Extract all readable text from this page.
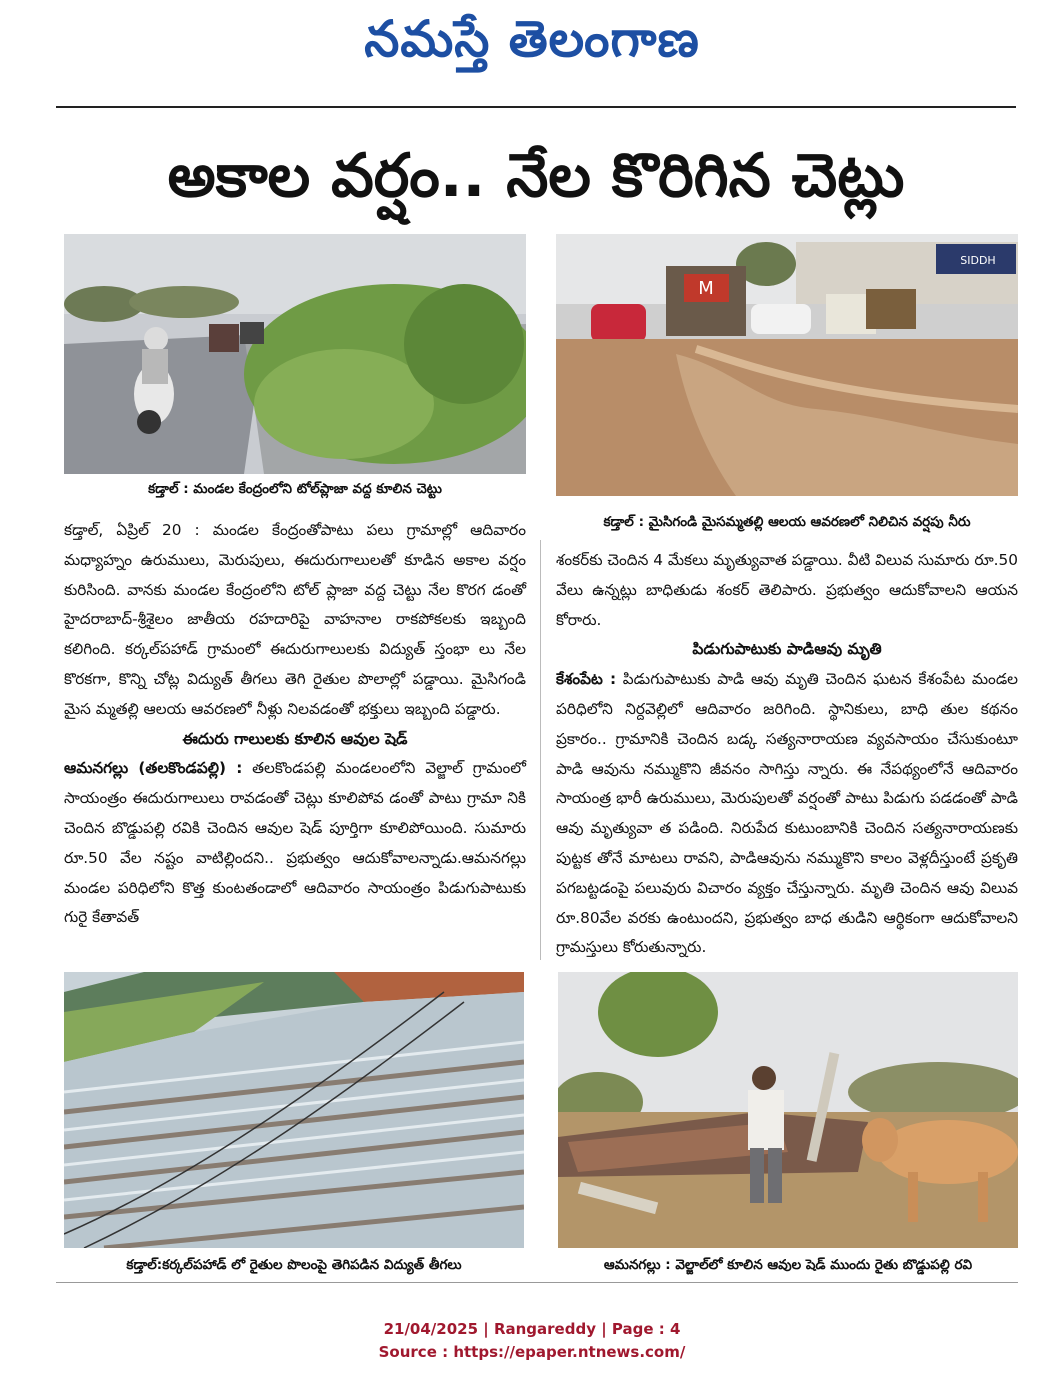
నమస్తే తెలంగాణ
అకాల వర్షం.. నేల కొరిగిన చెట్లు
కడ్తాల్ : మండల కేంద్రంలోని టోల్‌ప్లాజా వద్ద కూలిన చెట్టు
SIDDH
M
కడ్తాల్ : మైసిగండి మైసమ్మతల్లి ఆలయ ఆవరణలో నిలిచిన వర్షపు నీరు

కడ్తాల్, ఏప్రిల్ 20 : మండల కేంద్రంతోపాటు పలు గ్రామాల్లో ఆదివారం మధ్యాహ్నం ఉరుములు, మెరుపులు, ఈదురుగాలులతో కూడిన అకాల వర్షం కురిసింది. వానకు మండల కేంద్రంలోని టోల్ ప్లాజా వద్ద చెట్టు నేల కొరగ డంతో హైదరాబాద్-శ్రీశైలం జాతీయ రహదారిపై వాహనాల రాకపోకలకు ఇబ్బంది కలిగింది. కర్కల్‌పహాడ్ గ్రామంలో ఈదురుగాలులకు విద్యుత్ స్తంభా లు నేల కొరకగా, కొన్ని చోట్ల విద్యుత్ తీగలు తెగి రైతుల పొలాల్లో పడ్డాయి. మైసిగండి మైస మ్మతల్లి ఆలయ ఆవరణలో నీళ్లు నిలవడంతో భక్తులు ఇబ్బంది పడ్డారు.

ఈదురు గాలులకు కూలిన ఆవుల షెడ్

ఆమనగల్లు (తలకొండపల్లి) : తలకొండపల్లి మండలంలోని వెల్జాల్ గ్రామంలో సాయంత్రం ఈదురుగాలులు రావడంతో చెట్లు కూలిపోవ డంతో పాటు గ్రామా నికి చెందిన బొడ్డుపల్లి రవికి చెందిన ఆవుల షెడ్ పూర్తిగా కూలిపోయింది. సుమారు రూ.50 వేల నష్టం వాటిల్లిందని.. ప్రభుత్వం ఆదుకోవాలన్నాడు.ఆమనగల్లు మండల పరిధిలోని కొత్త కుంటతండాలో ఆదివారం సాయంత్రం పిడుగుపాటుకు గురై కేతావత్

శంకర్‌కు చెందిన 4 మేకలు మృత్యువాత పడ్డాయి. వీటి విలువ సుమారు రూ.50 వేలు ఉన్నట్లు బాధితుడు శంకర్ తెలిపారు. ప్రభుత్వం ఆదుకోవాలని ఆయన కోరారు.

పిడుగుపాటుకు పాడిఆవు మృతి

కేశంపేట : పిడుగుపాటుకు పాడి ఆవు మృతి చెందిన ఘటన కేశంపేట మండల పరిధిలోని నిర్దవెల్లిలో ఆదివారం జరిగింది. స్థానికులు, బాధి తుల కథనం ప్రకారం.. గ్రామానికి చెందిన బడ్క సత్యనారాయణ వ్యవసాయం చేసుకుంటూ పాడి ఆవును నమ్ముకొని జీవనం సాగిస్తు న్నారు. ఈ నేపథ్యంలోనే ఆదివారం సాయంత్ర భారీ ఉరుములు, మెరుపులతో వర్షంతో పాటు పిడుగు పడడంతో పాడి ఆవు మృత్యువా త పడింది. నిరుపేద కుటుంబానికి చెందిన సత్యనారాయణకు పుట్టక తోనే మాటలు రావని, పాడిఆవును నమ్ముకొని కాలం వెళ్లదీస్తుంటే ప్రకృతి పగబట్టడంపై పలువురు విచారం వ్యక్తం చేస్తున్నారు. మృతి చెందిన ఆవు విలువ రూ.80వేల వరకు ఉంటుందని, ప్రభుత్వం బాధ తుడిని ఆర్థికంగా ఆదుకోవాలని గ్రామస్తులు కోరుతున్నారు.

కడ్తాల్:కర్కల్‌పహాడ్ లో రైతుల పొలంపై తెగిపడిన విద్యుత్ తీగలు	ఆమనగల్లు : వెల్జాల్‌లో కూలిన ఆవుల షెడ్ ముందు రైతు బొడ్డుపల్లి రవి
21/04/2025 | Rangareddy | Page : 4
Source : https://epaper.ntnews.com/
